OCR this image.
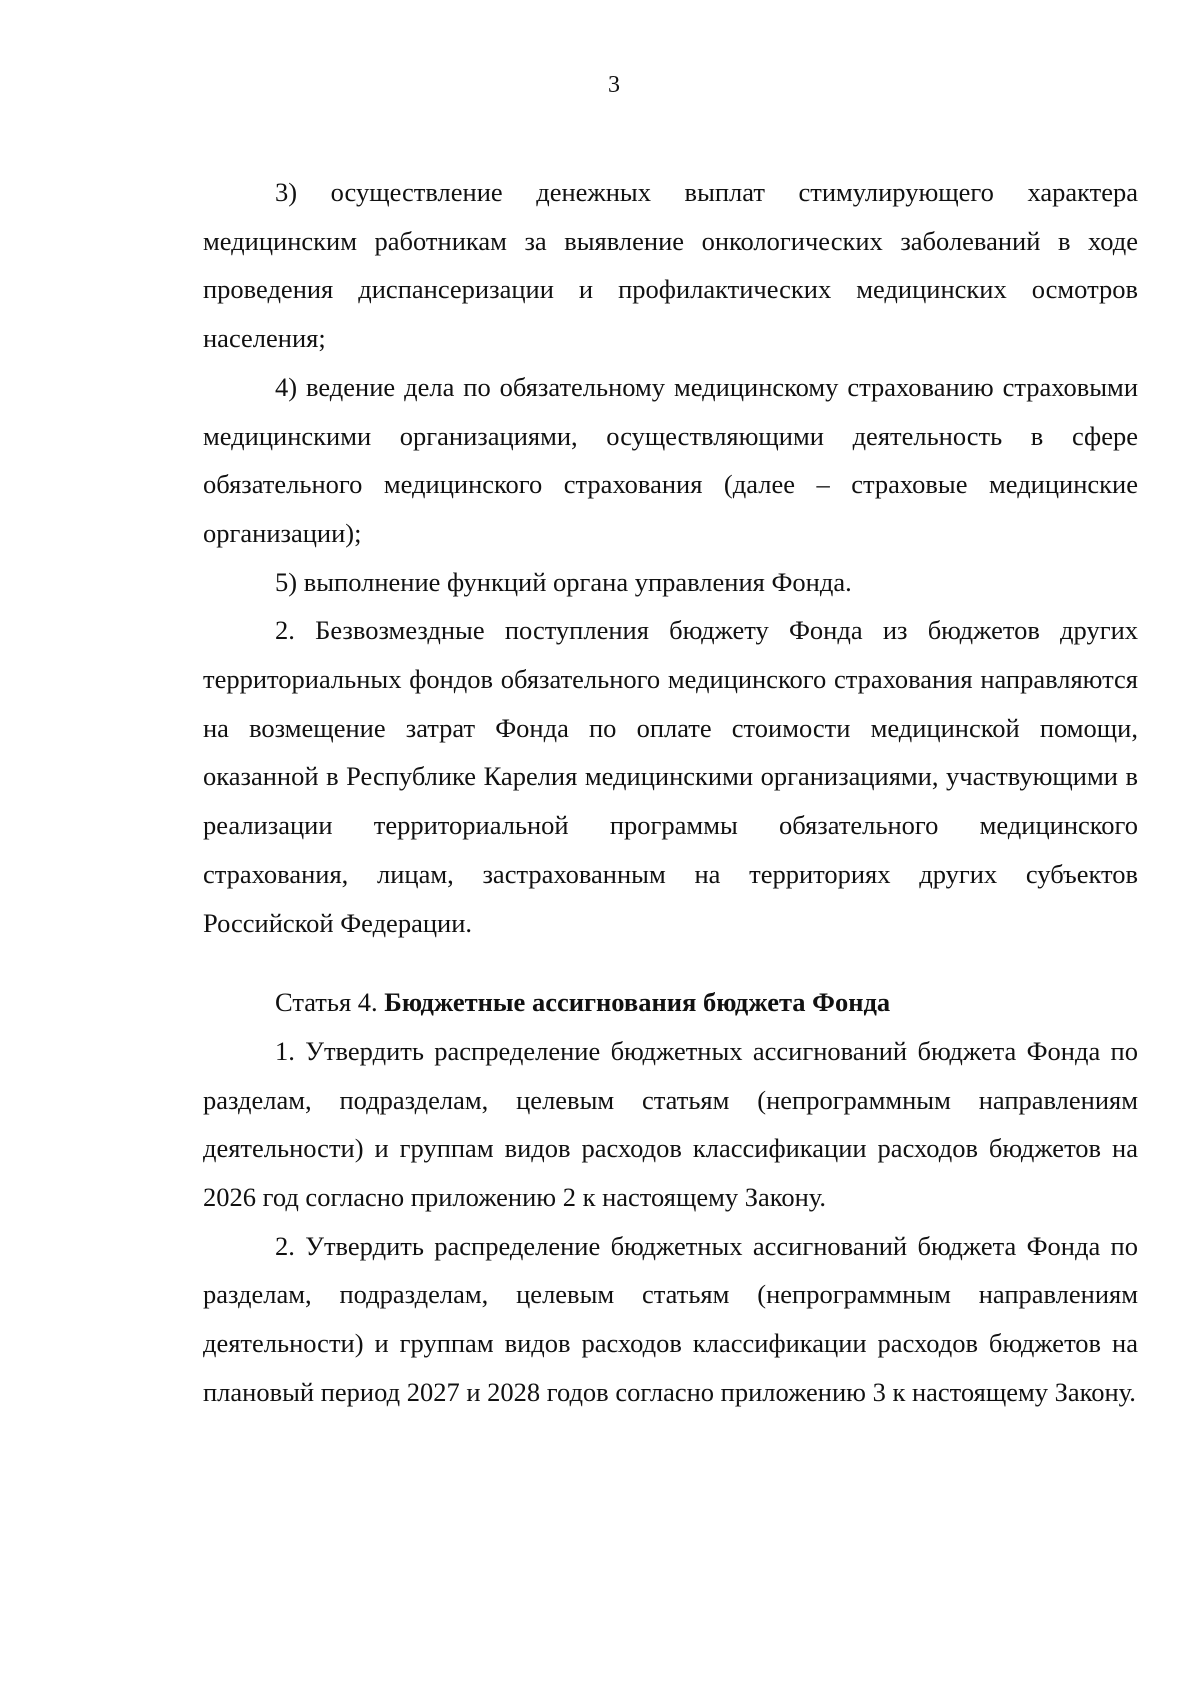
3

3) осуществление денежных выплат стимулирующего характера медицинским работникам за выявление онкологических заболеваний в ходе проведения диспансеризации и профилактических медицинских осмотров населения;

4) ведение дела по обязательному медицинскому страхованию страховыми медицинскими организациями, осуществляющими деятельность в сфере обязательного медицинского страхования (далее – страховые медицинские организации);

5) выполнение функций органа управления Фонда.

2. Безвозмездные поступления бюджету Фонда из бюджетов других территориальных фондов обязательного медицинского страхования направляются на возмещение затрат Фонда по оплате стоимости медицинской помощи, оказанной в Республике Карелия медицинскими организациями, участвующими в реализации территориальной программы обязательного медицинского страхования, лицам, застрахованным на территориях других субъектов Российской Федерации.

Статья 4. Бюджетные ассигнования бюджета Фонда

1. Утвердить распределение бюджетных ассигнований бюджета Фонда по разделам, подразделам, целевым статьям (непрограммным направлениям деятельности) и группам видов расходов классификации расходов бюджетов на 2026 год согласно приложению 2 к настоящему Закону.

2. Утвердить распределение бюджетных ассигнований бюджета Фонда по разделам, подразделам, целевым статьям (непрограммным направлениям деятельности) и группам видов расходов классификации расходов бюджетов на плановый период 2027 и 2028 годов согласно приложению 3 к настоящему Закону.
